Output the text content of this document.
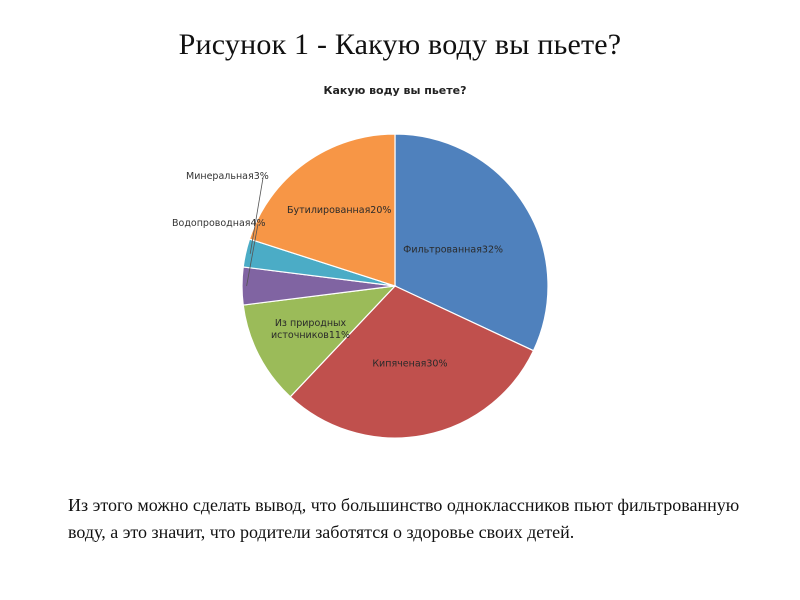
Рисунок 1 - Какую воду вы пьете?
Какую воду вы пьете?
Фильтрованная32%
Кипяченая30%
Из природных источников11%
Водопроводная4%
Минеральная3%
Бутилированная20%

Из этого можно сделать вывод, что большинство одноклассников пьют фильтрованную воду, а это значит, что родители заботятся о здоровье своих детей.
